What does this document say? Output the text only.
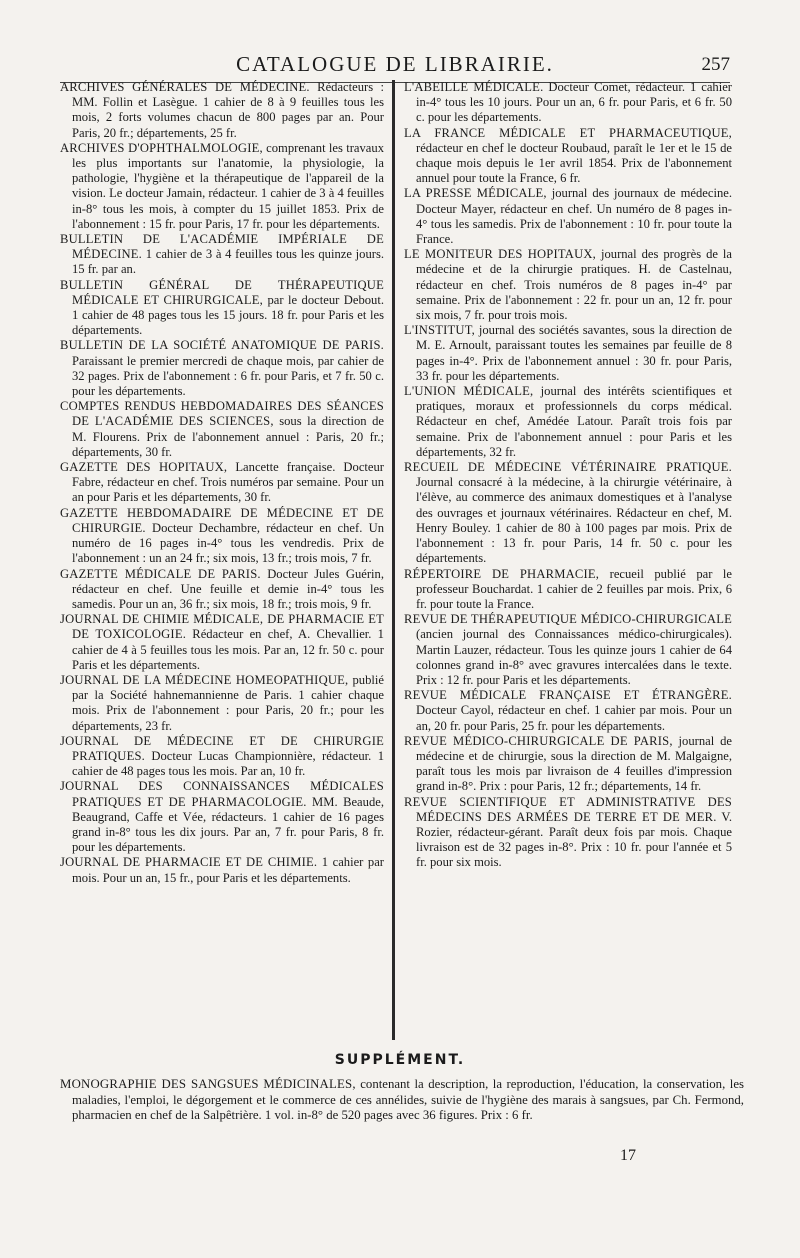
CATALOGUE DE LIBRAIRIE.	257
ARCHIVES GÉNÉRALES DE MÉDECINE. Rédacteurs : MM. Follin et Lasègue. 1 cahier de 8 à 9 feuilles tous les mois, 2 forts volumes chacun de 800 pages par an. Pour Paris, 20 fr.; départements, 25 fr.
ARCHIVES D'OPHTHALMOLOGIE, comprenant les travaux les plus importants sur l'anatomie, la physiologie, la pathologie, l'hygiène et la thérapeutique de l'appareil de la vision. Le docteur Jamain, rédacteur. 1 cahier de 3 à 4 feuilles in-8° tous les mois, à compter du 15 juillet 1853. Prix de l'abonnement : 15 fr. pour Paris, 17 fr. pour les départements.
BULLETIN DE L'ACADÉMIE IMPÉRIALE DE MÉDECINE. 1 cahier de 3 à 4 feuilles tous les quinze jours. 15 fr. par an.
BULLETIN GÉNÉRAL DE THÉRAPEUTIQUE MÉDICALE ET CHIRURGICALE, par le docteur Debout. 1 cahier de 48 pages tous les 15 jours. 18 fr. pour Paris et les départements.
BULLETIN DE LA SOCIÉTÉ ANATOMIQUE DE PARIS. Paraissant le premier mercredi de chaque mois, par cahier de 32 pages. Prix de l'abonnement : 6 fr. pour Paris, et 7 fr. 50 c. pour les départements.
COMPTES RENDUS HEBDOMADAIRES DES SÉANCES DE L'ACADÉMIE DES SCIENCES, sous la direction de M. Flourens. Prix de l'abonnement annuel : Paris, 20 fr.; départements, 30 fr.
GAZETTE DES HOPITAUX, Lancette française. Docteur Fabre, rédacteur en chef. Trois numéros par semaine. Pour un an pour Paris et les départements, 30 fr.
GAZETTE HEBDOMADAIRE DE MÉDECINE ET DE CHIRURGIE. Docteur Dechambre, rédacteur en chef. Un numéro de 16 pages in-4° tous les vendredis. Prix de l'abonnement : un an 24 fr.; six mois, 13 fr.; trois mois, 7 fr.
GAZETTE MÉDICALE DE PARIS. Docteur Jules Guérin, rédacteur en chef. Une feuille et demie in-4° tous les samedis. Pour un an, 36 fr.; six mois, 18 fr.; trois mois, 9 fr.
JOURNAL DE CHIMIE MÉDICALE, DE PHARMACIE ET DE TOXICOLOGIE. Rédacteur en chef, A. Chevallier. 1 cahier de 4 à 5 feuilles tous les mois. Par an, 12 fr. 50 c. pour Paris et les départements.
JOURNAL DE LA MÉDECINE HOMEOPATHIQUE, publié par la Société hahnemannienne de Paris. 1 cahier chaque mois. Prix de l'abonnement : pour Paris, 20 fr.; pour les départements, 23 fr.
JOURNAL DE MÉDECINE ET DE CHIRURGIE PRATIQUES. Docteur Lucas Championnière, rédacteur. 1 cahier de 48 pages tous les mois. Par an, 10 fr.
JOURNAL DES CONNAISSANCES MÉDICALES PRATIQUES ET DE PHARMACOLOGIE. MM. Beaude, Beaugrand, Caffe et Vée, rédacteurs. 1 cahier de 16 pages grand in-8° tous les dix jours. Par an, 7 fr. pour Paris, 8 fr. pour les départements.
JOURNAL DE PHARMACIE ET DE CHIMIE. 1 cahier par mois. Pour un an, 15 fr., pour Paris et les départements.
L'ABEILLE MÉDICALE. Docteur Comet, rédacteur. 1 cahier in-4° tous les 10 jours. Pour un an, 6 fr. pour Paris, et 6 fr. 50 c. pour les départements.
LA FRANCE MÉDICALE ET PHARMACEUTIQUE, rédacteur en chef le docteur Roubaud, paraît le 1er et le 15 de chaque mois depuis le 1er avril 1854. Prix de l'abonnement annuel pour toute la France, 6 fr.
LA PRESSE MÉDICALE, journal des journaux de médecine. Docteur Mayer, rédacteur en chef. Un numéro de 8 pages in-4° tous les samedis. Prix de l'abonnement : 10 fr. pour toute la France.
LE MONITEUR DES HOPITAUX, journal des progrès de la médecine et de la chirurgie pratiques. H. de Castelnau, rédacteur en chef. Trois numéros de 8 pages in-4° par semaine. Prix de l'abonnement : 22 fr. pour un an, 12 fr. pour six mois, 7 fr. pour trois mois.
L'INSTITUT, journal des sociétés savantes, sous la direction de M. E. Arnoult, paraissant toutes les semaines par feuille de 8 pages in-4°. Prix de l'abonnement annuel : 30 fr. pour Paris, 33 fr. pour les départements.
L'UNION MÉDICALE, journal des intérêts scientifiques et pratiques, moraux et professionnels du corps médical. Rédacteur en chef, Amédée Latour. Paraît trois fois par semaine. Prix de l'abonnement annuel : pour Paris et les départements, 32 fr.
RECUEIL DE MÉDECINE VÉTÉRINAIRE PRATIQUE. Journal consacré à la médecine, à la chirurgie vétérinaire, à l'élève, au commerce des animaux domestiques et à l'analyse des ouvrages et journaux vétérinaires. Rédacteur en chef, M. Henry Bouley. 1 cahier de 80 à 100 pages par mois. Prix de l'abonnement : 13 fr. pour Paris, 14 fr. 50 c. pour les départements.
RÉPERTOIRE DE PHARMACIE, recueil publié par le professeur Bouchardat. 1 cahier de 2 feuilles par mois. Prix, 6 fr. pour toute la France.
REVUE DE THÉRAPEUTIQUE MÉDICO-CHIRURGICALE (ancien journal des Connaissances médico-chirurgicales). Martin Lauzer, rédacteur. Tous les quinze jours 1 cahier de 64 colonnes grand in-8° avec gravures intercalées dans le texte. Prix : 12 fr. pour Paris et les départements.
REVUE MÉDICALE FRANÇAISE ET ÉTRANGÈRE. Docteur Cayol, rédacteur en chef. 1 cahier par mois. Pour un an, 20 fr. pour Paris, 25 fr. pour les départements.
REVUE MÉDICO-CHIRURGICALE DE PARIS, journal de médecine et de chirurgie, sous la direction de M. Malgaigne, paraît tous les mois par livraison de 4 feuilles d'impression grand in-8°. Prix : pour Paris, 12 fr.; départements, 14 fr.
REVUE SCIENTIFIQUE ET ADMINISTRATIVE DES MÉDECINS DES ARMÉES DE TERRE ET DE MER. V. Rozier, rédacteur-gérant. Paraît deux fois par mois. Chaque livraison est de 32 pages in-8°. Prix : 10 fr. pour l'année et 5 fr. pour six mois.
SUPPLÉMENT.
MONOGRAPHIE DES SANGSUES MÉDICINALES, contenant la description, la reproduction, l'éducation, la conservation, les maladies, l'emploi, le dégorgement et le commerce de ces annélides, suivie de l'hygiène des marais à sangsues, par Ch. Fermond, pharmacien en chef de la Salpêtrière. 1 vol. in-8° de 520 pages avec 36 figures. Prix : 6 fr.
17
